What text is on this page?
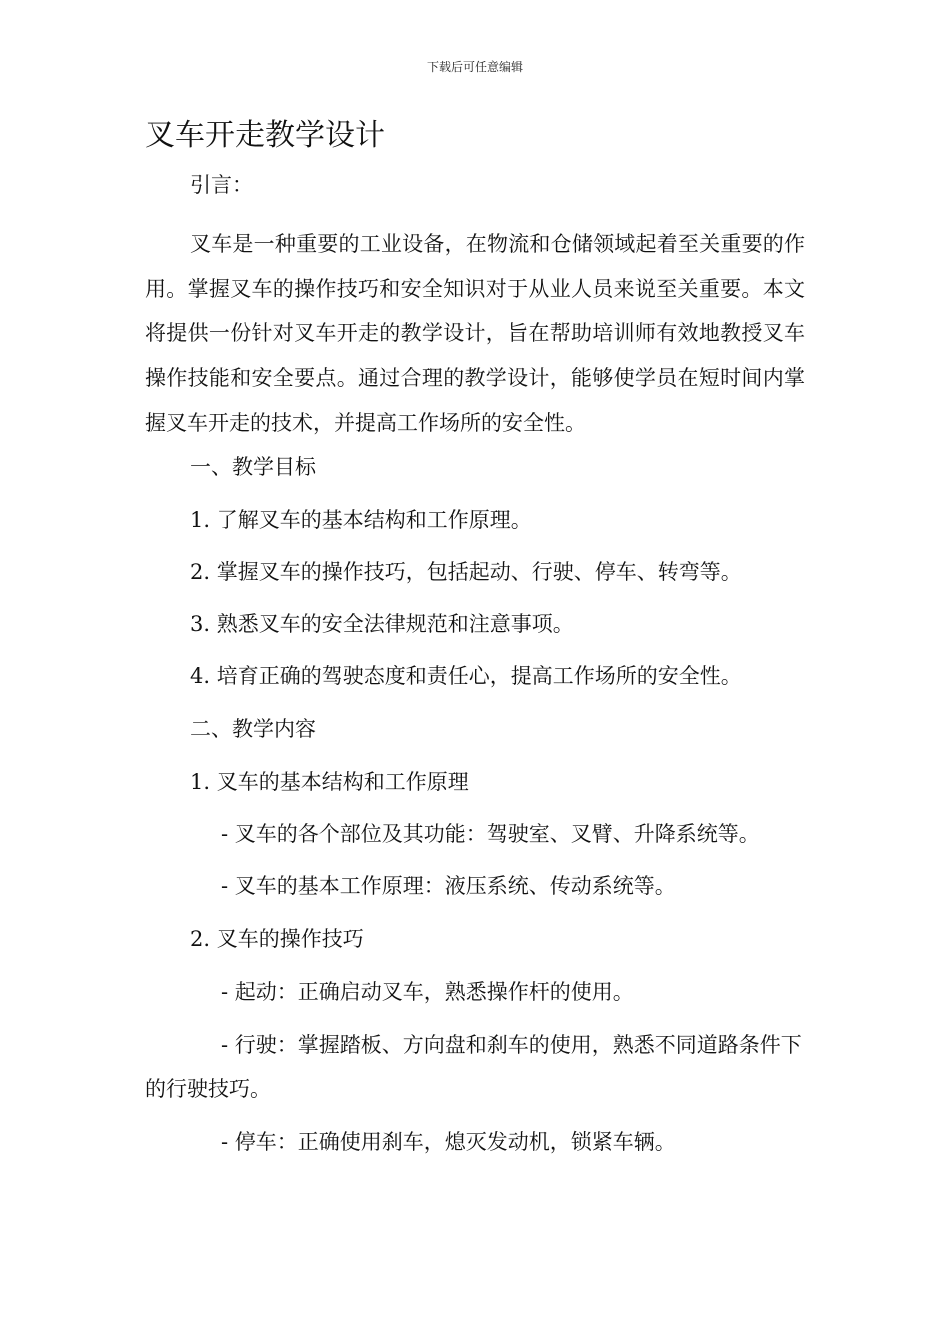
下载后可任意编辑
叉车开走教学设计
引言：

叉车是一种重要的工业设备，在物流和仓储领域起着至关重要的作用。掌握叉车的操作技巧和安全知识对于从业人员来说至关重要。本文将提供一份针对叉车开走的教学设计，旨在帮助培训师有效地教授叉车操作技能和安全要点。通过合理的教学设计，能够使学员在短时间内掌握叉车开走的技术，并提高工作场所的安全性。

一、教学目标
1. 了解叉车的基本结构和工作原理。
2. 掌握叉车的操作技巧，包括起动、行驶、停车、转弯等。
3. 熟悉叉车的安全法律规范和注意事项。
4. 培育正确的驾驶态度和责任心，提高工作场所的安全性。
二、教学内容
1. 叉车的基本结构和工作原理
- 叉车的各个部位及其功能：驾驶室、叉臂、升降系统等。
- 叉车的基本工作原理：液压系统、传动系统等。
2. 叉车的操作技巧
- 起动：正确启动叉车，熟悉操作杆的使用。

- 行驶：掌握踏板、方向盘和刹车的使用，熟悉不同道路条件下的行驶技巧。

- 停车：正确使用刹车，熄灭发动机，锁紧车辆。
